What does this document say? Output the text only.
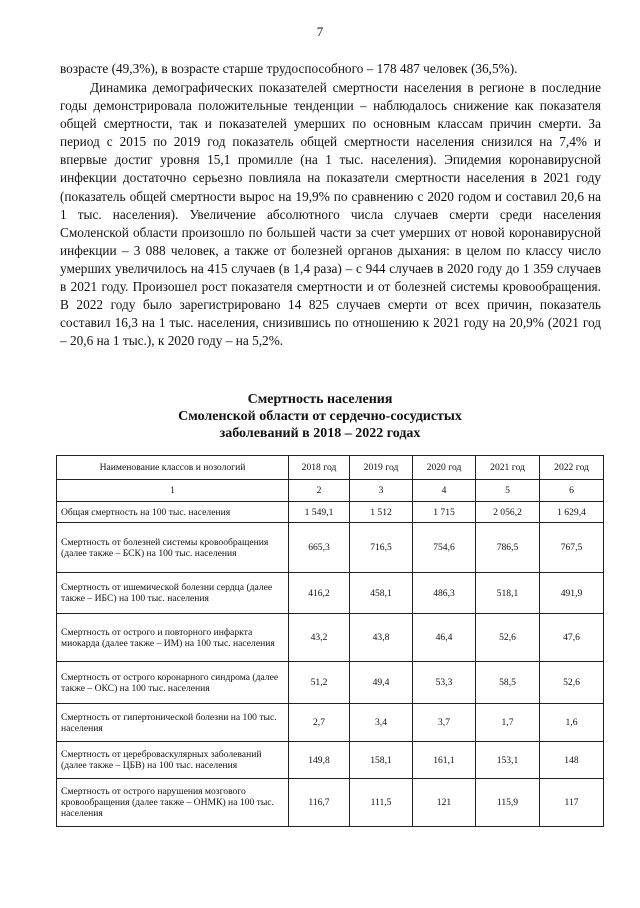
7
возрасте (49,3%), в возрасте старше трудоспособного – 178 487 человек (36,5%).

Динамика демографических показателей смертности населения в регионе в последние годы демонстрировала положительные тенденции – наблюдалось снижение как показателя общей смертности, так и показателей умерших по основным классам причин смерти. За период с 2015 по 2019 год показатель общей смертности населения снизился на 7,4% и впервые достиг уровня 15,1 промилле (на 1 тыс. населения). Эпидемия коронавирусной инфекции достаточно серьезно повлияла на показатели смертности населения в 2021 году (показатель общей смертности вырос на 19,9% по сравнению с 2020 годом и составил 20,6 на 1 тыс. населения). Увеличение абсолютного числа случаев смерти среди населения Смоленской области произошло по большей части за счет умерших от новой коронавирусной инфекции – 3 088 человек, а также от болезней органов дыхания: в целом по классу число умерших увеличилось на 415 случаев (в 1,4 раза) – с 944 случаев в 2020 году до 1 359 случаев в 2021 году. Произошел рост показателя смертности и от болезней системы кровообращения. В 2022 году было зарегистрировано 14 825 случаев смерти от всех причин, показатель составил 16,3 на 1 тыс. населения, снизившись по отношению к 2021 году на 20,9% (2021 год – 20,6 на 1 тыс.), к 2020 году – на 5,2%.

Смертность населения
Смоленской области от сердечно-сосудистых
заболеваний в 2018 – 2022 годах
Наименование классов и нозологий	2018 год	2019 год	2020 год	2021 год	2022 год
1	2	3	4	5	6
Общая смертность на 100 тыс. населения	1 549,1	1 512	1 715	2 056,2	1 629,4
Смертность от болезней системы кровообращения (далее также – БСК) на 100 тыс. населения	665,3	716,5	754,6	786,5	767,5
Смертность от ишемической болезни сердца (далее также – ИБС) на 100 тыс. населения	416,2	458,1	486,3	518,1	491,9
Смертность от острого и повторного инфаркта миокарда (далее также – ИМ) на 100 тыс. населения	43,2	43,8	46,4	52,6	47,6
Смертность от острого коронарного синдрома (далее также – ОКС) на 100 тыс. населения	51,2	49,4	53,3	58,5	52,6
Смертность от гипертонической болезни на 100 тыс. населения	2,7	3,4	3,7	1,7	1,6
Смертность от цереброваскулярных заболеваний (далее также – ЦБВ) на 100 тыс. населения	149,8	158,1	161,1	153,1	148
Смертность от острого нарушения мозгового кровообращения (далее также – ОНМК) на 100 тыс. населения	116,7	111,5	121	115,9	117
